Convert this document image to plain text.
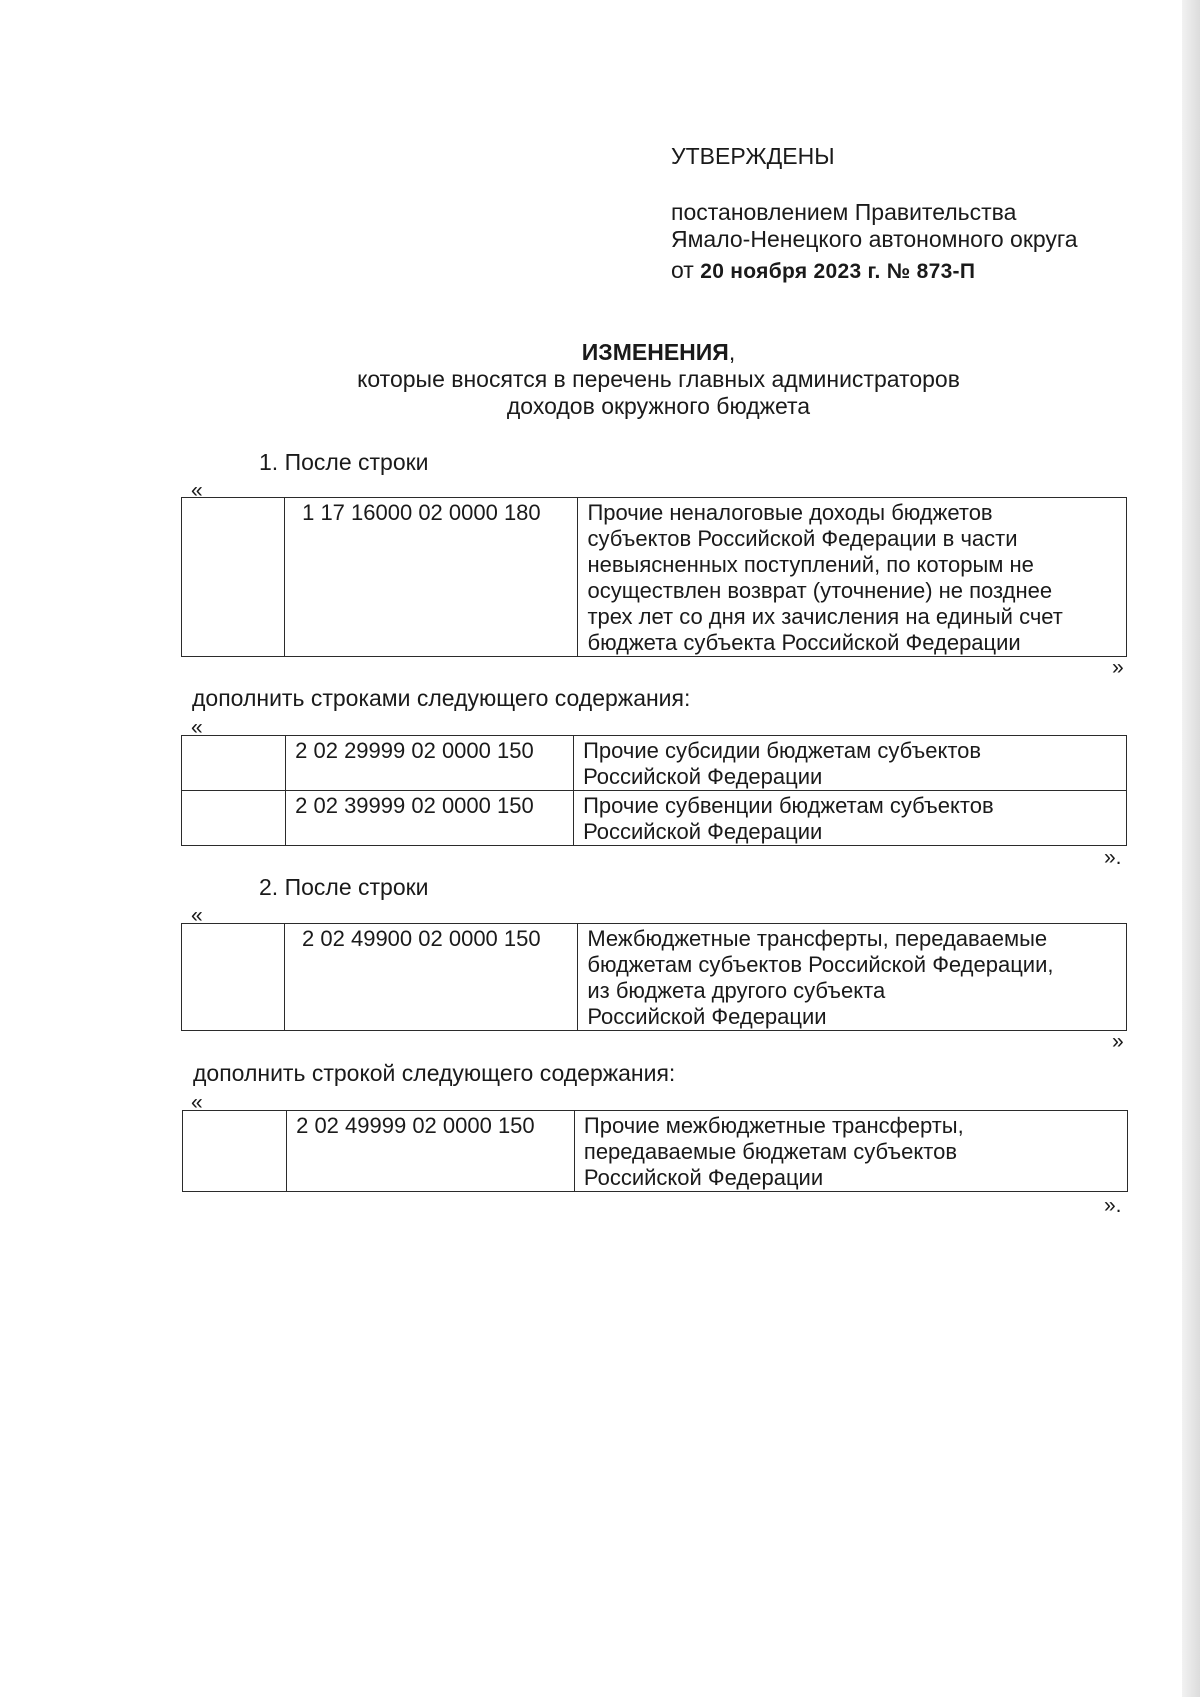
УТВЕРЖДЕНЫ
постановлением Правительства
Ямало-Ненецкого автономного округа
от 20 ноября 2023 г. № 873-П
ИЗМЕНЕНИЯ,
которые вносятся в перечень главных администраторов
доходов окружного бюджета
1. После строки
«
	1 17 16000 02 0000 180	Прочие неналоговые доходы бюджетов
субъектов Российской Федерации в части
невыясненных поступлений, по которым не
осуществлен возврат (уточнение) не позднее
трех лет со дня их зачисления на единый счет
бюджета субъекта Российской Федерации
»
дополнить строками следующего содержания:
«
	2 02 29999 02 0000 150	Прочие субсидии бюджетам субъектов
Российской Федерации

	2 02 39999 02 0000 150	Прочие субвенции бюджетам субъектов
Российской Федерации
».
2. После строки
«
	2 02 49900 02 0000 150	Межбюджетные трансферты, передаваемые
бюджетам субъектов Российской Федерации,
из бюджета другого субъекта
Российской Федерации
»
дополнить строкой следующего содержания:
«
	2 02 49999 02 0000 150	Прочие межбюджетные трансферты,
передаваемые бюджетам субъектов
Российской Федерации
».
